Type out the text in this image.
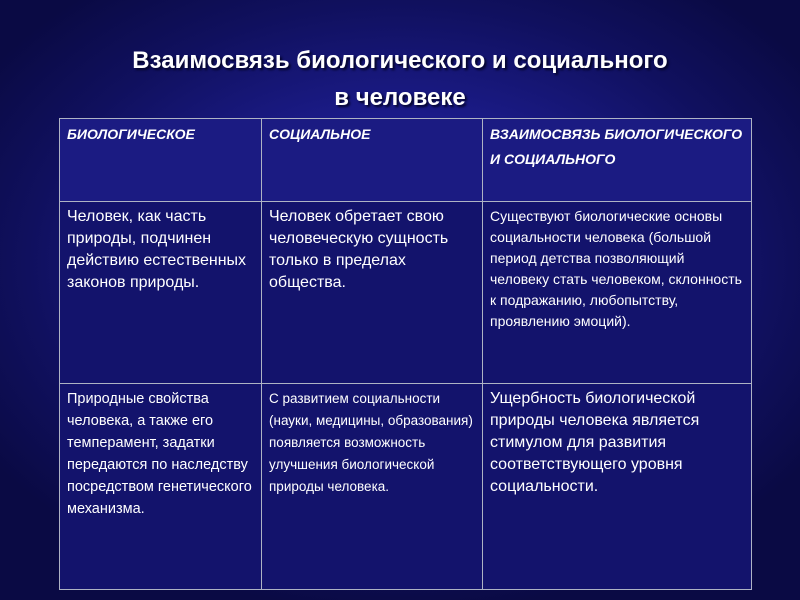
Взаимосвязь биологического и социального
в человеке
БИОЛОГИЧЕСКОЕ	СОЦИАЛЬНОЕ	ВЗАИМОСВЯЗЬ БИОЛОГИЧЕСКОГО И СОЦИАЛЬНОГО

Человек, как часть природы, подчинен действию естественных законов природы.	Человек обретает свою человеческую сущность только в пределах общества.	Существуют биологические основы социальности человека (большой период детства позволяющий человеку стать человеком, склонность к подражанию, любопытству, проявлению эмоций).

Природные свойства человека, а также его темперамент, задатки передаются по наследству посредством генетического механизма.	С развитием социальности (науки, медицины, образования) появляется возможность улучшения биологической природы человека.	Ущербность биологической природы человека является стимулом для развития соответствующего уровня социальности.
